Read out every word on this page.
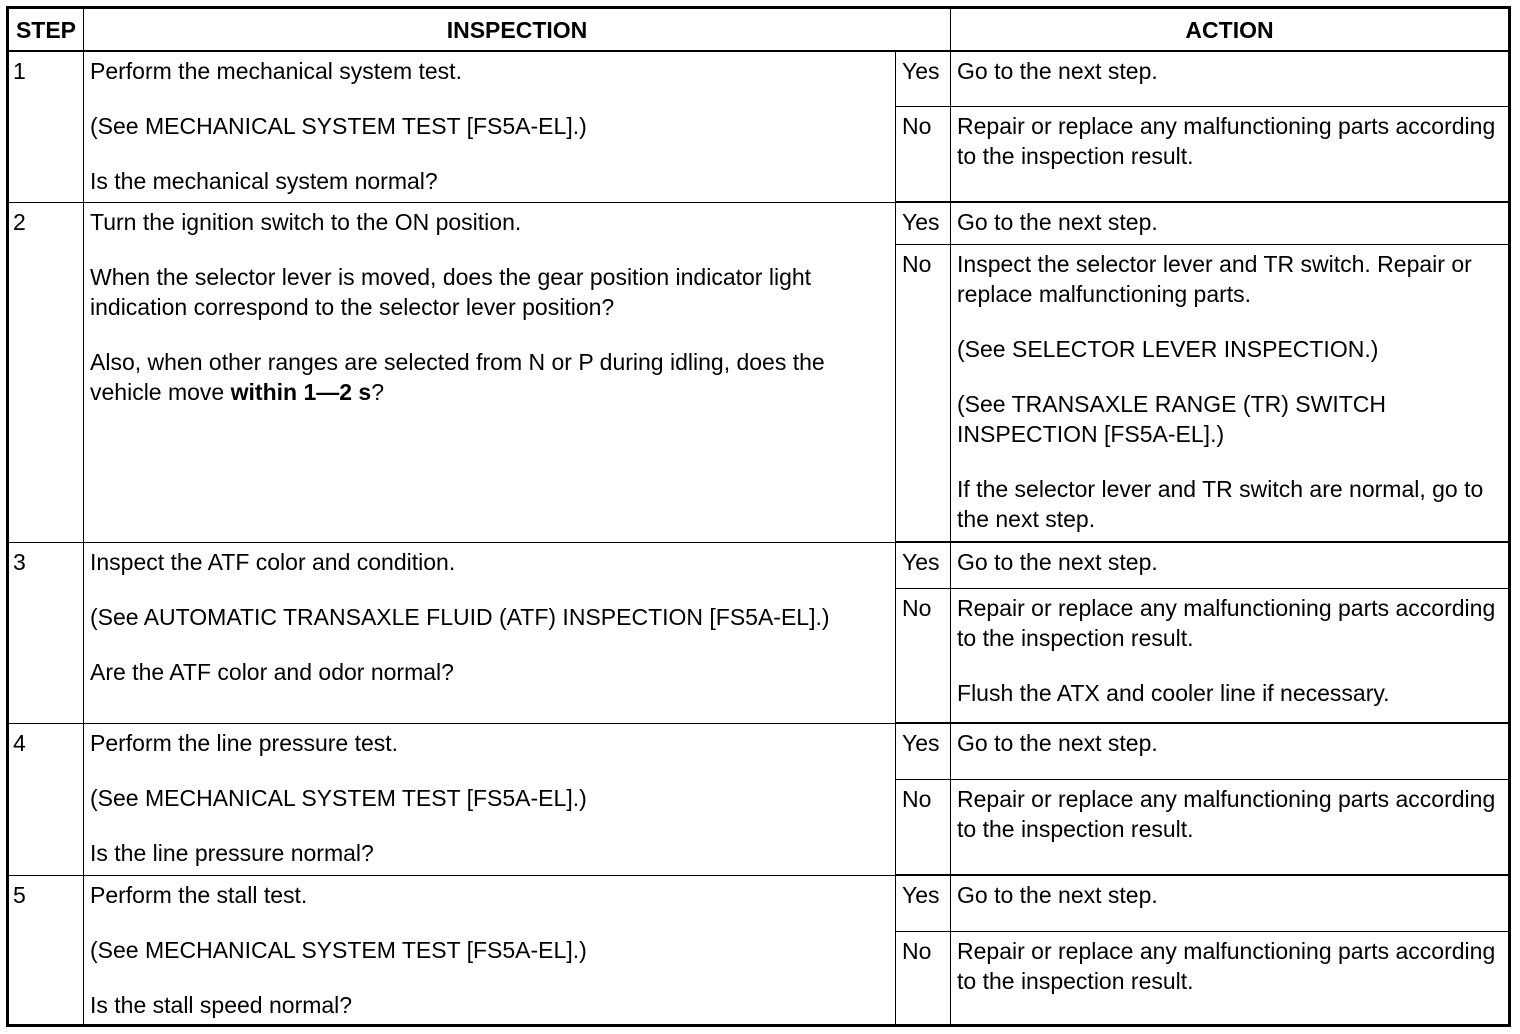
STEP	INSPECTION		ACTION
1	Perform the mechanical system test.
(See MECHANICAL SYSTEM TEST [FS5A-EL].)
Is the mechanical system normal?	Yes	Go to the next step.

		No	Repair or replace any malfunctioning parts according to the inspection result.

2	Turn the ignition switch to the ON position.
When the selector lever is moved, does the gear position indicator light indication correspond to the selector lever position?
Also, when other ranges are selected from N or P during idling, does the vehicle move within 1—2 s?	Yes	Go to the next step.

		No	Inspect the selector lever and TR switch. Repair or replace malfunctioning parts.
(See SELECTOR LEVER INSPECTION.)
(See TRANSAXLE RANGE (TR) SWITCH INSPECTION [FS5A-EL].)
If the selector lever and TR switch are normal, go to the next step.

3	Inspect the ATF color and condition.
(See AUTOMATIC TRANSAXLE FLUID (ATF) INSPECTION [FS5A-EL].)
Are the ATF color and odor normal?	Yes	Go to the next step.

		No	Repair or replace any malfunctioning parts according to the inspection result.
Flush the ATX and cooler line if necessary.

4	Perform the line pressure test.
(See MECHANICAL SYSTEM TEST [FS5A-EL].)
Is the line pressure normal?	Yes	Go to the next step.

		No	Repair or replace any malfunctioning parts according to the inspection result.

5	Perform the stall test.
(See MECHANICAL SYSTEM TEST [FS5A-EL].)
Is the stall speed normal?	Yes	Go to the next step.

		No	Repair or replace any malfunctioning parts according to the inspection result.
